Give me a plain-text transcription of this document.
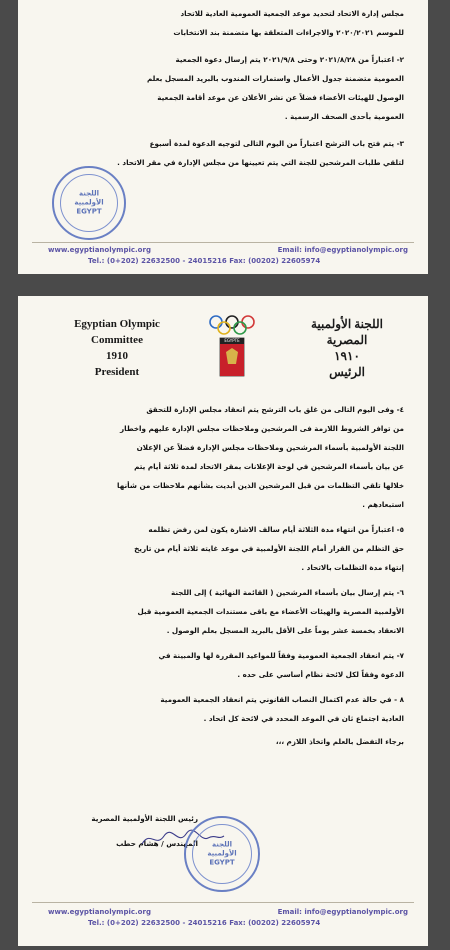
مجلس إدارة الاتحاد لتحديد موعد الجمعية العمومية العادية للاتحاد
للموسم ٢٠٢٠/٢٠٢١ والاجراءات المتعلقة بها متضمنة بند الانتخابات
٢- اعتباراً من ٢٠٢١/٨/٢٨ وحتى ٢٠٢١/٩/٨ يتم إرسال دعوة الجمعية
العمومية متضمنة جدول الأعمال واستمارات المندوب بالبريد المسجل بعلم
الوصول للهيئات الأعضاء فضلاً عن نشر الأعلان عن موعد أقامة الجمعية
العمومية بأحدى الصحف الرسمية .
٣- يتم فتح باب الترشح اعتباراً من اليوم التالى لتوجيه الدعوة لمدة أسبوع
لتلقي طلبات المرشحين للجنة التي يتم تعيينها من مجلس الإدارة في مقر الاتحاد .
اللجنة الأولمبية
EGYPT
www.egyptianolympic.org	Email: info@egyptianolympic.org
Tel.: (0+202) 22632500 - 24015216 Fax: (00202) 22605974
Egyptian Olympic Committee
1910
President
EGYPTE
اللجنة الأولمبية المصرية
١٩١٠
الرئيس
٤- وفى اليوم التالى من غلق باب الترشح يتم انعقاد مجلس الإدارة للتحقق
من توافر الشروط اللازمة فى المرشحين وملاحظات مجلس الإدارة عليهم واخطار
اللجنة الأولمبية بأسماء المرشحين وملاحظات مجلس الإدارة فضلاً عن الإعلان
عن بيان بأسماء المرشحين في لوحة الإعلانات بمقر الاتحاد لمدة ثلاثة أيام يتم
خلالها تلقي التظلمات من قبل المرشحين الذين أبديت بشأنهم ملاحظات من شأنها
استبعادهم .
٥- اعتباراً من انتهاء مدة الثلاثة أيام سالف الاشارة يكون لمن رفض تظلمه
حق التظلم من القرار أمام اللجنة الأولمبية في موعد غايته ثلاثة أيام من تاريخ
إنتهاء مدة التظلمات بالاتحاد .
٦- يتم إرسال بيان بأسماء المرشحين ( القائمة النهائية ) إلى اللجنة
الأولمبية المصرية والهيئات الأعضاء مع باقى مستندات الجمعية العمومية قبل
الانعقاد بخمسة عشر يوماً على الأقل بالبريد المسجل بعلم الوصول .
٧- يتم انعقاد الجمعية العمومية وفقاً للمواعيد المقررة لها والمبينة في
الدعوة وفقاً لكل لائحة نظام أساسي على حده .
٨ - في حالة عدم اكتمال النصاب القانوني يتم انعقاد الجمعية العمومية
العادية اجتماع ثان في الموعد المحدد في لائحة كل اتحاد .
برجاء التفضل بالعلم واتخاذ اللازم ،،،
رئيس اللجنة الأولمبية المصرية
المهندس / هشام حطب	اللجنة الأولمبية
EGYPT
www.egyptianolympic.org	Email: info@egyptianolympic.org
Tel.: (0+202) 22632500 - 24015216 Fax: (00202) 22605974
